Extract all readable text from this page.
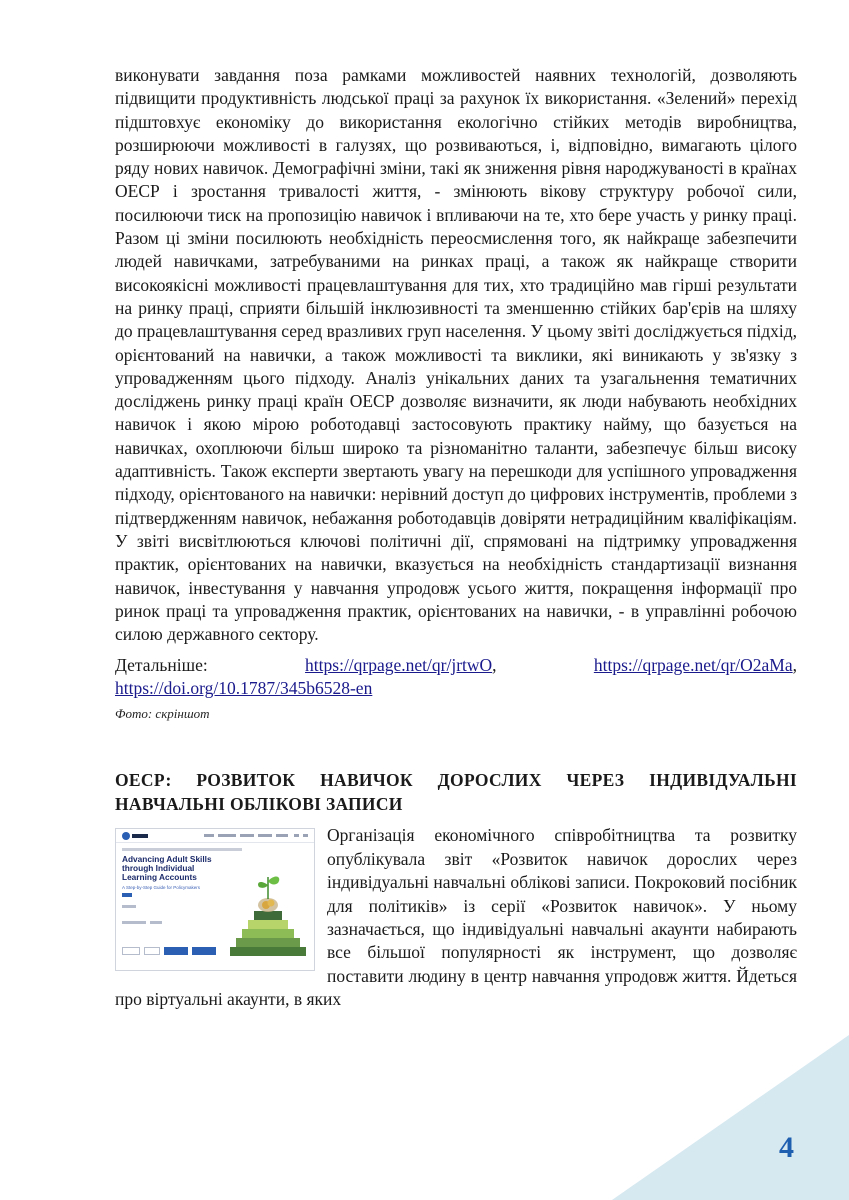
виконувати завдання поза рамками можливостей наявних технологій, дозволяють підвищити продуктивність людської праці за рахунок їх використання. «Зелений» перехід підштовхує економіку до використання екологічно стійких методів виробництва, розширюючи можливості в галузях, що розвиваються, і, відповідно, вимагають цілого ряду нових навичок. Демографічні зміни, такі як зниження рівня народжуваності в країнах ОЕСР і зростання тривалості життя, - змінюють вікову структуру робочої сили, посилюючи тиск на пропозицію навичок і впливаючи на те, хто бере участь у ринку праці. Разом ці зміни посилюють необхідність переосмислення того, як найкраще забезпечити людей навичками, затребуваними на ринках праці, а також як найкраще створити високоякісні можливості працевлаштування для тих, хто традиційно мав гірші результати на ринку праці, сприяти більшій інклюзивності та зменшенню стійких бар'єрів на шляху до працевлаштування серед вразливих груп населення. У цьому звіті досліджується підхід, орієнтований на навички, а також можливості та виклики, які виникають у зв'язку з упровадженням цього підходу. Аналіз унікальних даних та узагальнення тематичних досліджень ринку праці країн ОЕСР дозволяє визначити, як люди набувають необхідних навичок і якою мірою роботодавці застосовують практику найму, що базується на навичках, охоплюючи більш широко та різноманітно таланти, забезпечує більш високу адаптивність. Також експерти звертають увагу на перешкоди для успішного упровадження підходу, орієнтованого на навички: нерівний доступ до цифрових інструментів, проблеми з підтвердженням навичок, небажання роботодавців довіряти нетрадиційним кваліфікаціям. У звіті висвітлюються ключові політичні дії, спрямовані на підтримку упровадження практик, орієнтованих на навички, вказується на необхідність стандартизації визнання навичок, інвестування у навчання упродовж усього життя, покращення інформації про ринок праці та упровадження практик, орієнтованих на навички, - в управлінні робочою силою державного сектору.

Детальніше:	https://qrpage.net/qr/jrtwO,	https://qrpage.net/qr/O2aMa,
https://doi.org/10.1787/345b6528-en

Фото: скріншот

ОЕСР: РОЗВИТОК НАВИЧОК ДОРОСЛИХ ЧЕРЕЗ ІНДИВІДУАЛЬНІ НАВЧАЛЬНІ ОБЛІКОВІ ЗАПИСИ
Advancing Adult Skills through Individual Learning Accounts
A Step-by-Step Guide for Policymakers

Організація економічного співробітництва та розвитку опублікувала звіт «Розвиток навичок дорослих через індивідуальні навчальні облікові записи. Покроковий посібник для політиків» із серії «Розвиток навичок». У ньому зазначається, що індивідуальні навчальні акаунти набирають все більшої популярності як інструмент, що дозволяє поставити людину в центр навчання упродовж життя. Йдеться про віртуальні акаунти, в яких

4
